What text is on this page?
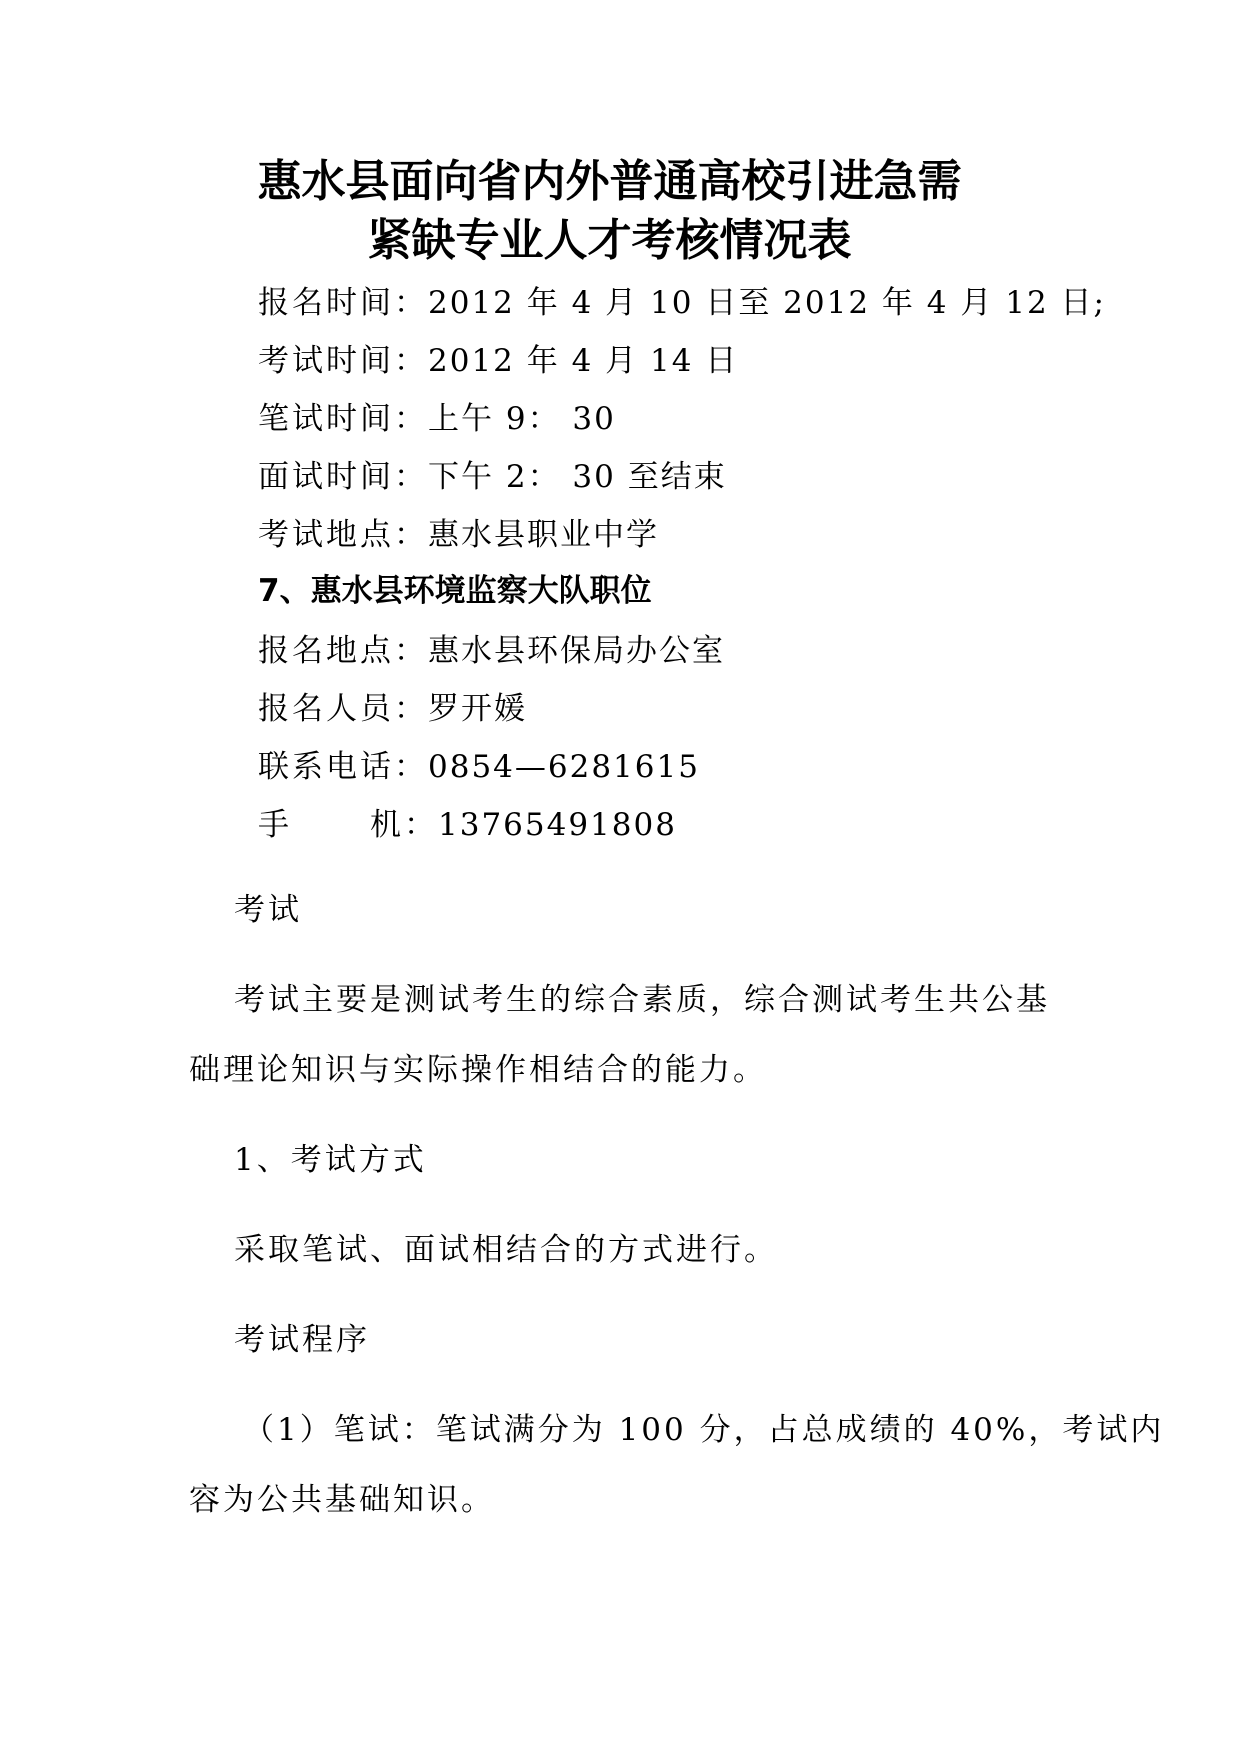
惠水县面向省内外普通高校引进急需
紧缺专业人才考核情况表
报名时间：2012 年 4 月 10 日至 2012 年 4 月 12 日;
考试时间：2012 年 4 月 14 日
笔试时间：上午 9： 30
面试时间：下午 2： 30 至结束
考试地点：惠水县职业中学
7、惠水县环境监察大队职位
报名地点：惠水县环保局办公室
报名人员：罗开媛
联系电话：0854—6281615
手	机：13765491808
考试
考试主要是测试考生的综合素质，综合测试考生共公基
础理论知识与实际操作相结合的能力。
1、考试方式
采取笔试、面试相结合的方式进行。
考试程序
（1）笔试：笔试满分为 100 分，占总成绩的 40%，考试内
容为公共基础知识。
